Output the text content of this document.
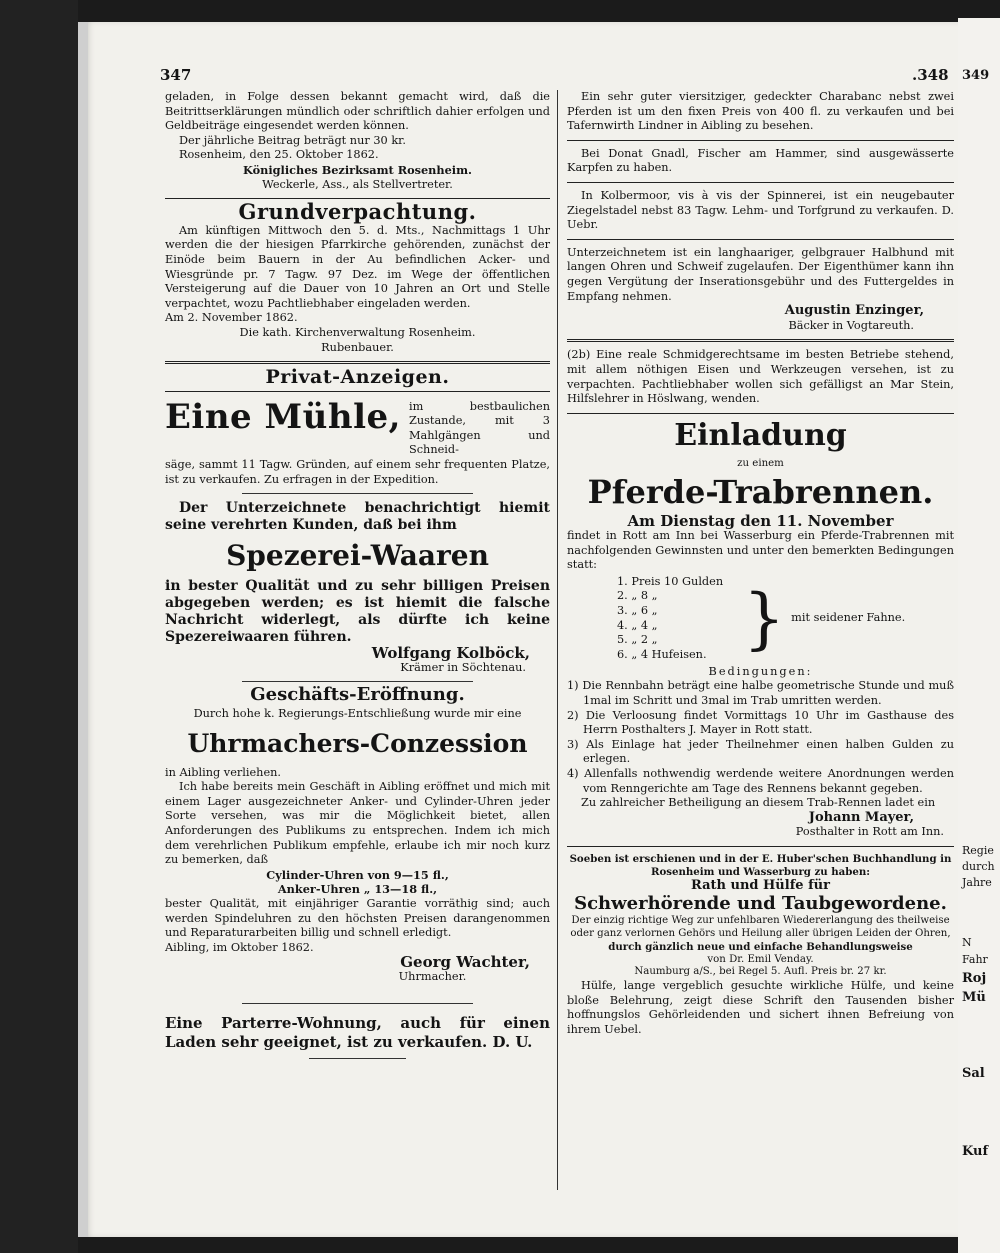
347	.348

geladen, in Folge dessen bekannt gemacht wird, daß die Beitrittserklärungen mündlich oder schriftlich dahier erfolgen und Geldbeiträge eingesendet werden können.

Der jährliche Beitrag beträgt nur 30 kr.

Rosenheim, den 25. Oktober 1862.

Königliches Bezirksamt Rosenheim.

Weckerle, Ass., als Stellvertreter.

Grundverpachtung.

Am künftigen Mittwoch den 5. d. Mts., Nachmittags 1 Uhr werden die der hiesigen Pfarrkirche gehörenden, zunächst der Einöde beim Bauern in der Au befindlichen Acker- und Wiesgründe pr. 7 Tagw. 97 Dez. im Wege der öffentlichen Versteigerung auf die Dauer von 10 Jahren an Ort und Stelle verpachtet, wozu Pachtliebhaber eingeladen werden.

Am 2. November 1862.

Die kath. Kirchenverwaltung Rosenheim.

Rubenbauer.

Privat-Anzeigen.
Eine Mühle, im bestbaulichen Zustande, mit 3 Mahlgängen und Schneid-

säge, sammt 11 Tagw. Gründen, auf einem sehr frequenten Platze, ist zu verkaufen. Zu erfragen in der Expedition.

Der Unterzeichnete benachrichtigt hiemit seine verehrten Kunden, daß bei ihm

Spezerei-Waaren

in bester Qualität und zu sehr billigen Preisen abgegeben werden; es ist hiemit die falsche Nachricht widerlegt, als dürfte ich keine Spezereiwaaren führen.

Wolfgang Kolböck,

Krämer in Söchtenau.

Geschäfts-Eröffnung.

Durch hohe k. Regierungs-Entschließung wurde mir eine

Uhrmachers-Conzession

in Aibling verliehen.

Ich habe bereits mein Geschäft in Aibling eröffnet und mich mit einem Lager ausgezeichneter Anker- und Cylinder-Uhren jeder Sorte versehen, was mir die Möglichkeit bietet, allen Anforderungen des Publikums zu entsprechen. Indem ich mich dem verehrlichen Publikum empfehle, erlaube ich mir noch kurz zu bemerken, daß

Cylinder-Uhren von 9—15 fl.,

Anker-Uhren „ 13—18 fl.,

bester Qualität, mit einjähriger Garantie vorräthig sind; auch werden Spindeluhren zu den höchsten Preisen darangenommen und Reparaturarbeiten billig und schnell erledigt.

Aibling, im Oktober 1862.

Georg Wachter,

Uhrmacher.

Eine Parterre-Wohnung, auch für einen Laden sehr geeignet, ist zu verkaufen. D. U.

Ein sehr guter viersitziger, gedeckter Charabanc nebst zwei Pferden ist um den fixen Preis von 400 fl. zu verkaufen und bei Tafernwirth Lindner in Aibling zu besehen.

Bei Donat Gnadl, Fischer am Hammer, sind ausgewässerte Karpfen zu haben.

In Kolbermoor, vis à vis der Spinnerei, ist ein neugebauter Ziegelstadel nebst 83 Tagw. Lehm- und Torfgrund zu verkaufen. D. Uebr.

Unterzeichnetem ist ein langhaariger, gelbgrauer Halbhund mit langen Ohren und Schweif zugelaufen. Der Eigenthümer kann ihn gegen Vergütung der Inserationsgebühr und des Futtergeldes in Empfang nehmen.

Augustin Enzinger,

Bäcker in Vogtareuth.

(2b) Eine reale Schmidgerechtsame im besten Betriebe stehend, mit allem nöthigen Eisen und Werkzeugen versehen, ist zu verpachten. Pachtliebhaber wollen sich gefälligst an Mar Stein, Hilfslehrer in Höslwang, wenden.

Einladung

zu einem

Pferde-Trabrennen.

Am Dienstag den 11. November

findet in Rott am Inn bei Wasserburg ein Pferde-Trabrennen mit nachfolgenden Gewinnsten und unter den bemerkten Bedingungen statt:

1. Preis 10 Gulden
2. „ 8 „
3. „ 6 „
4. „ 4 „
5. „ 2 „
6. „ 4 Hufeisen. } mit seidener Fahne.

Bedingungen:

1) Die Rennbahn beträgt eine halbe geometrische Stunde und muß 1mal im Schritt und 3mal im Trab umritten werden.

2) Die Verloosung findet Vormittags 10 Uhr im Gasthause des Herrn Posthalters J. Mayer in Rott statt.

3) Als Einlage hat jeder Theilnehmer einen halben Gulden zu erlegen.

4) Allenfalls nothwendig werdende weitere Anordnungen werden vom Renngerichte am Tage des Rennens bekannt gegeben.

Zu zahlreicher Betheiligung an diesem Trab-Rennen ladet ein

Johann Mayer,

Posthalter in Rott am Inn.

Soeben ist erschienen und in der E. Huber'schen Buchhandlung in Rosenheim und Wasserburg zu haben:

Rath und Hülfe für

Schwerhörende und Taubgewordene.

Der einzig richtige Weg zur unfehlbaren Wiedererlangung des theilweise oder ganz verlornen Gehörs und Heilung aller übrigen Leiden der Ohren,

durch gänzlich neue und einfache Behandlungsweise

von Dr. Emil Venday.

Naumburg a/S., bei Regel 5. Aufl. Preis br. 27 kr.

Hülfe, lange vergeblich gesuchte wirkliche Hülfe, und keine bloße Belehrung, zeigt diese Schrift den Tausenden bisher hoffnungslos Gehörleidenden und sichert ihnen Befreiung von ihrem Uebel.

349
Regie
durch
Jahre
N
Fahr
Roj
Mü
Sal
Kuf
